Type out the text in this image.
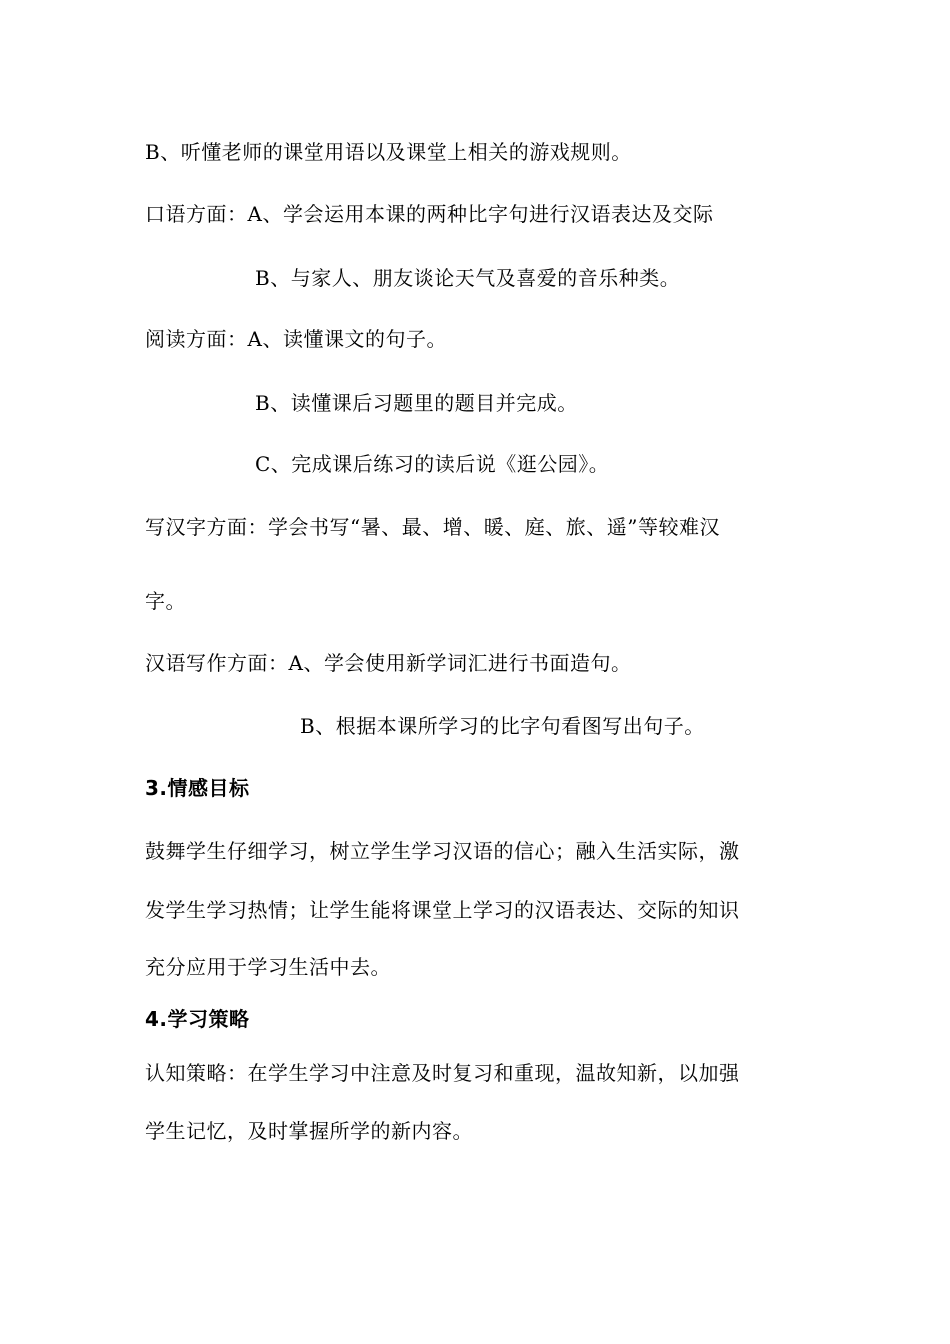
B、听懂老师的课堂用语以及课堂上相关的游戏规则。
口语方面：A、学会运用本课的两种比字句进行汉语表达及交际
B、与家人、朋友谈论天气及喜爱的音乐种类。
阅读方面：A、读懂课文的句子。
B、读懂课后习题里的题目并完成。
C、完成课后练习的读后说《逛公园》。
写汉字方面：学会书写“暑、最、增、暖、庭、旅、遥”等较难汉
字。
汉语写作方面：A、学会使用新学词汇进行书面造句。
B、根据本课所学习的比字句看图写出句子。
3.情感目标
鼓舞学生仔细学习，树立学生学习汉语的信心；融入生活实际，激
发学生学习热情；让学生能将课堂上学习的汉语表达、交际的知识
充分应用于学习生活中去。
4.学习策略
认知策略：在学生学习中注意及时复习和重现，温故知新，以加强
学生记忆，及时掌握所学的新内容。
